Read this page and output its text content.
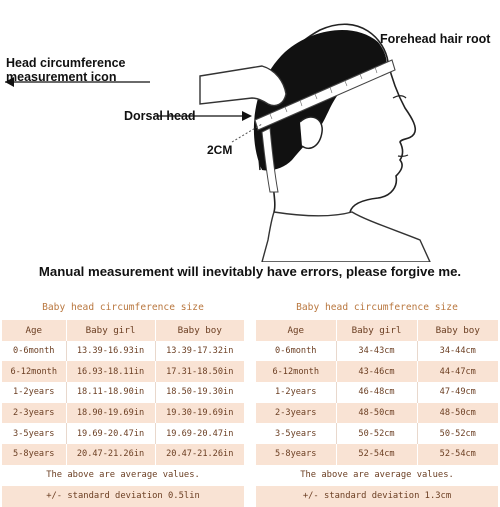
Forehead hair root
Head circumference
measurement icon
Dorsal head
2CM
Manual measurement will inevitably have errors, please forgive me.
Baby head circumference size
Age	Baby girl	Baby boy
0-6month	13.39-16.93in	13.39-17.32in
6-12month	16.93-18.11in	17.31-18.50in
1-2years	18.11-18.90in	18.50-19.30in
2-3years	18.90-19.69in	19.30-19.69in
3-5years	19.69-20.47in	19.69-20.47in
5-8years	20.47-21.26in	20.47-21.26in
The above are average values.
+/- standard deviation 0.5lin
Baby head circumference size
Age	Baby girl	Baby boy
0-6month	34-43cm	34-44cm
6-12month	43-46cm	44-47cm
1-2years	46-48cm	47-49cm
2-3years	48-50cm	48-50cm
3-5years	50-52cm	50-52cm
5-8years	52-54cm	52-54cm
The above are average values.
+/- standard deviation 1.3cm
